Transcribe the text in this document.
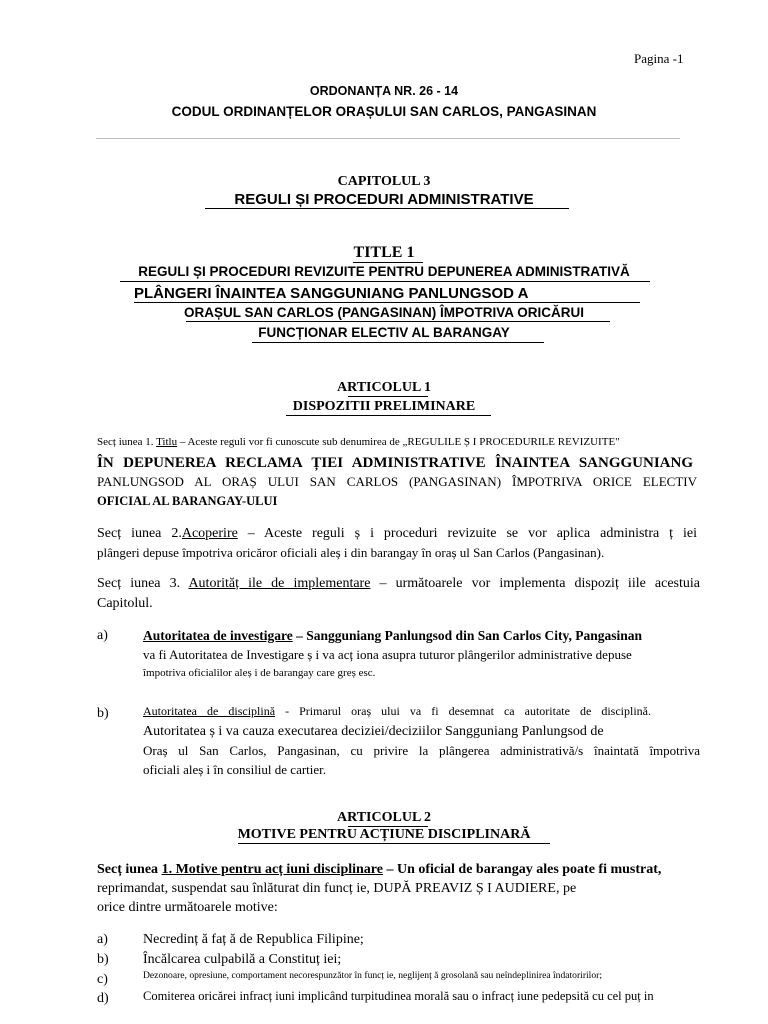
Pagina -1
ORDONANȚA NR. 26 - 14
CODUL ORDINANȚELOR ORAȘULUI SAN CARLOS, PANGASINAN
CAPITOLUL 3
REGULI ȘI PROCEDURI ADMINISTRATIVE
TITLE 1
REGULI ȘI PROCEDURI REVIZUITE PENTRU DEPUNEREA ADMINISTRATIVĂ
PLÂNGERI ÎNAINTEA SANGGUNIANG PANLUNGSOD A
ORAȘUL SAN CARLOS (PANGASINAN) ÎMPOTRIVA ORICĂRUI
FUNCȚIONAR ELECTIV AL BARANGAY
ARTICOLUL 1
DISPOZITII PRELIMINARE
Secț iunea 1. Titlu – Aceste reguli vor fi cunoscute sub denumirea de „REGULILE Ș I PROCEDURILE REVIZUITE"
ÎN DEPUNEREA RECLAMA ȚIEI ADMINISTRATIVE ÎNAINTEA SANGGUNIANG
PANLUNGSOD AL ORAȘ ULUI SAN CARLOS (PANGASINAN) ÎMPOTRIVA ORICE ELECTIV
OFICIAL AL BARANGAY-ULUI
Secț iunea 2.Acoperire – Aceste reguli ș i proceduri revizuite se vor aplica administra ț iei
plângeri depuse împotriva oricăror oficiali aleș i din barangay în oraș ul San Carlos (Pangasinan).
Secț iunea 3. Autorităț ile de implementare – următoarele vor implementa dispoziț iile acestuia
Capitolul.
a)	Autoritatea de investigare – Sangguniang Panlungsod din San Carlos City, Pangasinan
va fi Autoritatea de Investigare ș i va acț iona asupra tuturor plângerilor administrative depuse
împotriva oficialilor aleș i de barangay care greș esc.
b)	Autoritatea de disciplină - Primarul oraș ului va fi desemnat ca autoritate de disciplină.
Autoritatea ș i va cauza executarea deciziei/deciziilor Sangguniang Panlungsod de
Oraș ul San Carlos, Pangasinan, cu privire la plângerea administrativă/s înaintată împotriva
oficiali aleș i în consiliul de cartier.
ARTICOLUL 2
MOTIVE PENTRU ACȚIUNE DISCIPLINARĂ
Secț iunea 1. Motive pentru acț iuni disciplinare – Un oficial de barangay ales poate fi mustrat,
reprimandat, suspendat sau înlăturat din funcț ie, DUPĂ PREAVIZ Ș I AUDIERE, pe
orice dintre următoarele motive:
a)	Necredinț ă faț ă de Republica Filipine;
b) Încălcarea culpabilă a Constituț iei;
c)	Dezonoare, opresiune, comportament necorespunzător în funcț ie, neglijenț ă grosolană sau neîndeplinirea îndatoririlor;
d)	Comiterea oricărei infracț iuni implicând turpitudinea morală sau o infracț iune pedepsită cu cel puț in
